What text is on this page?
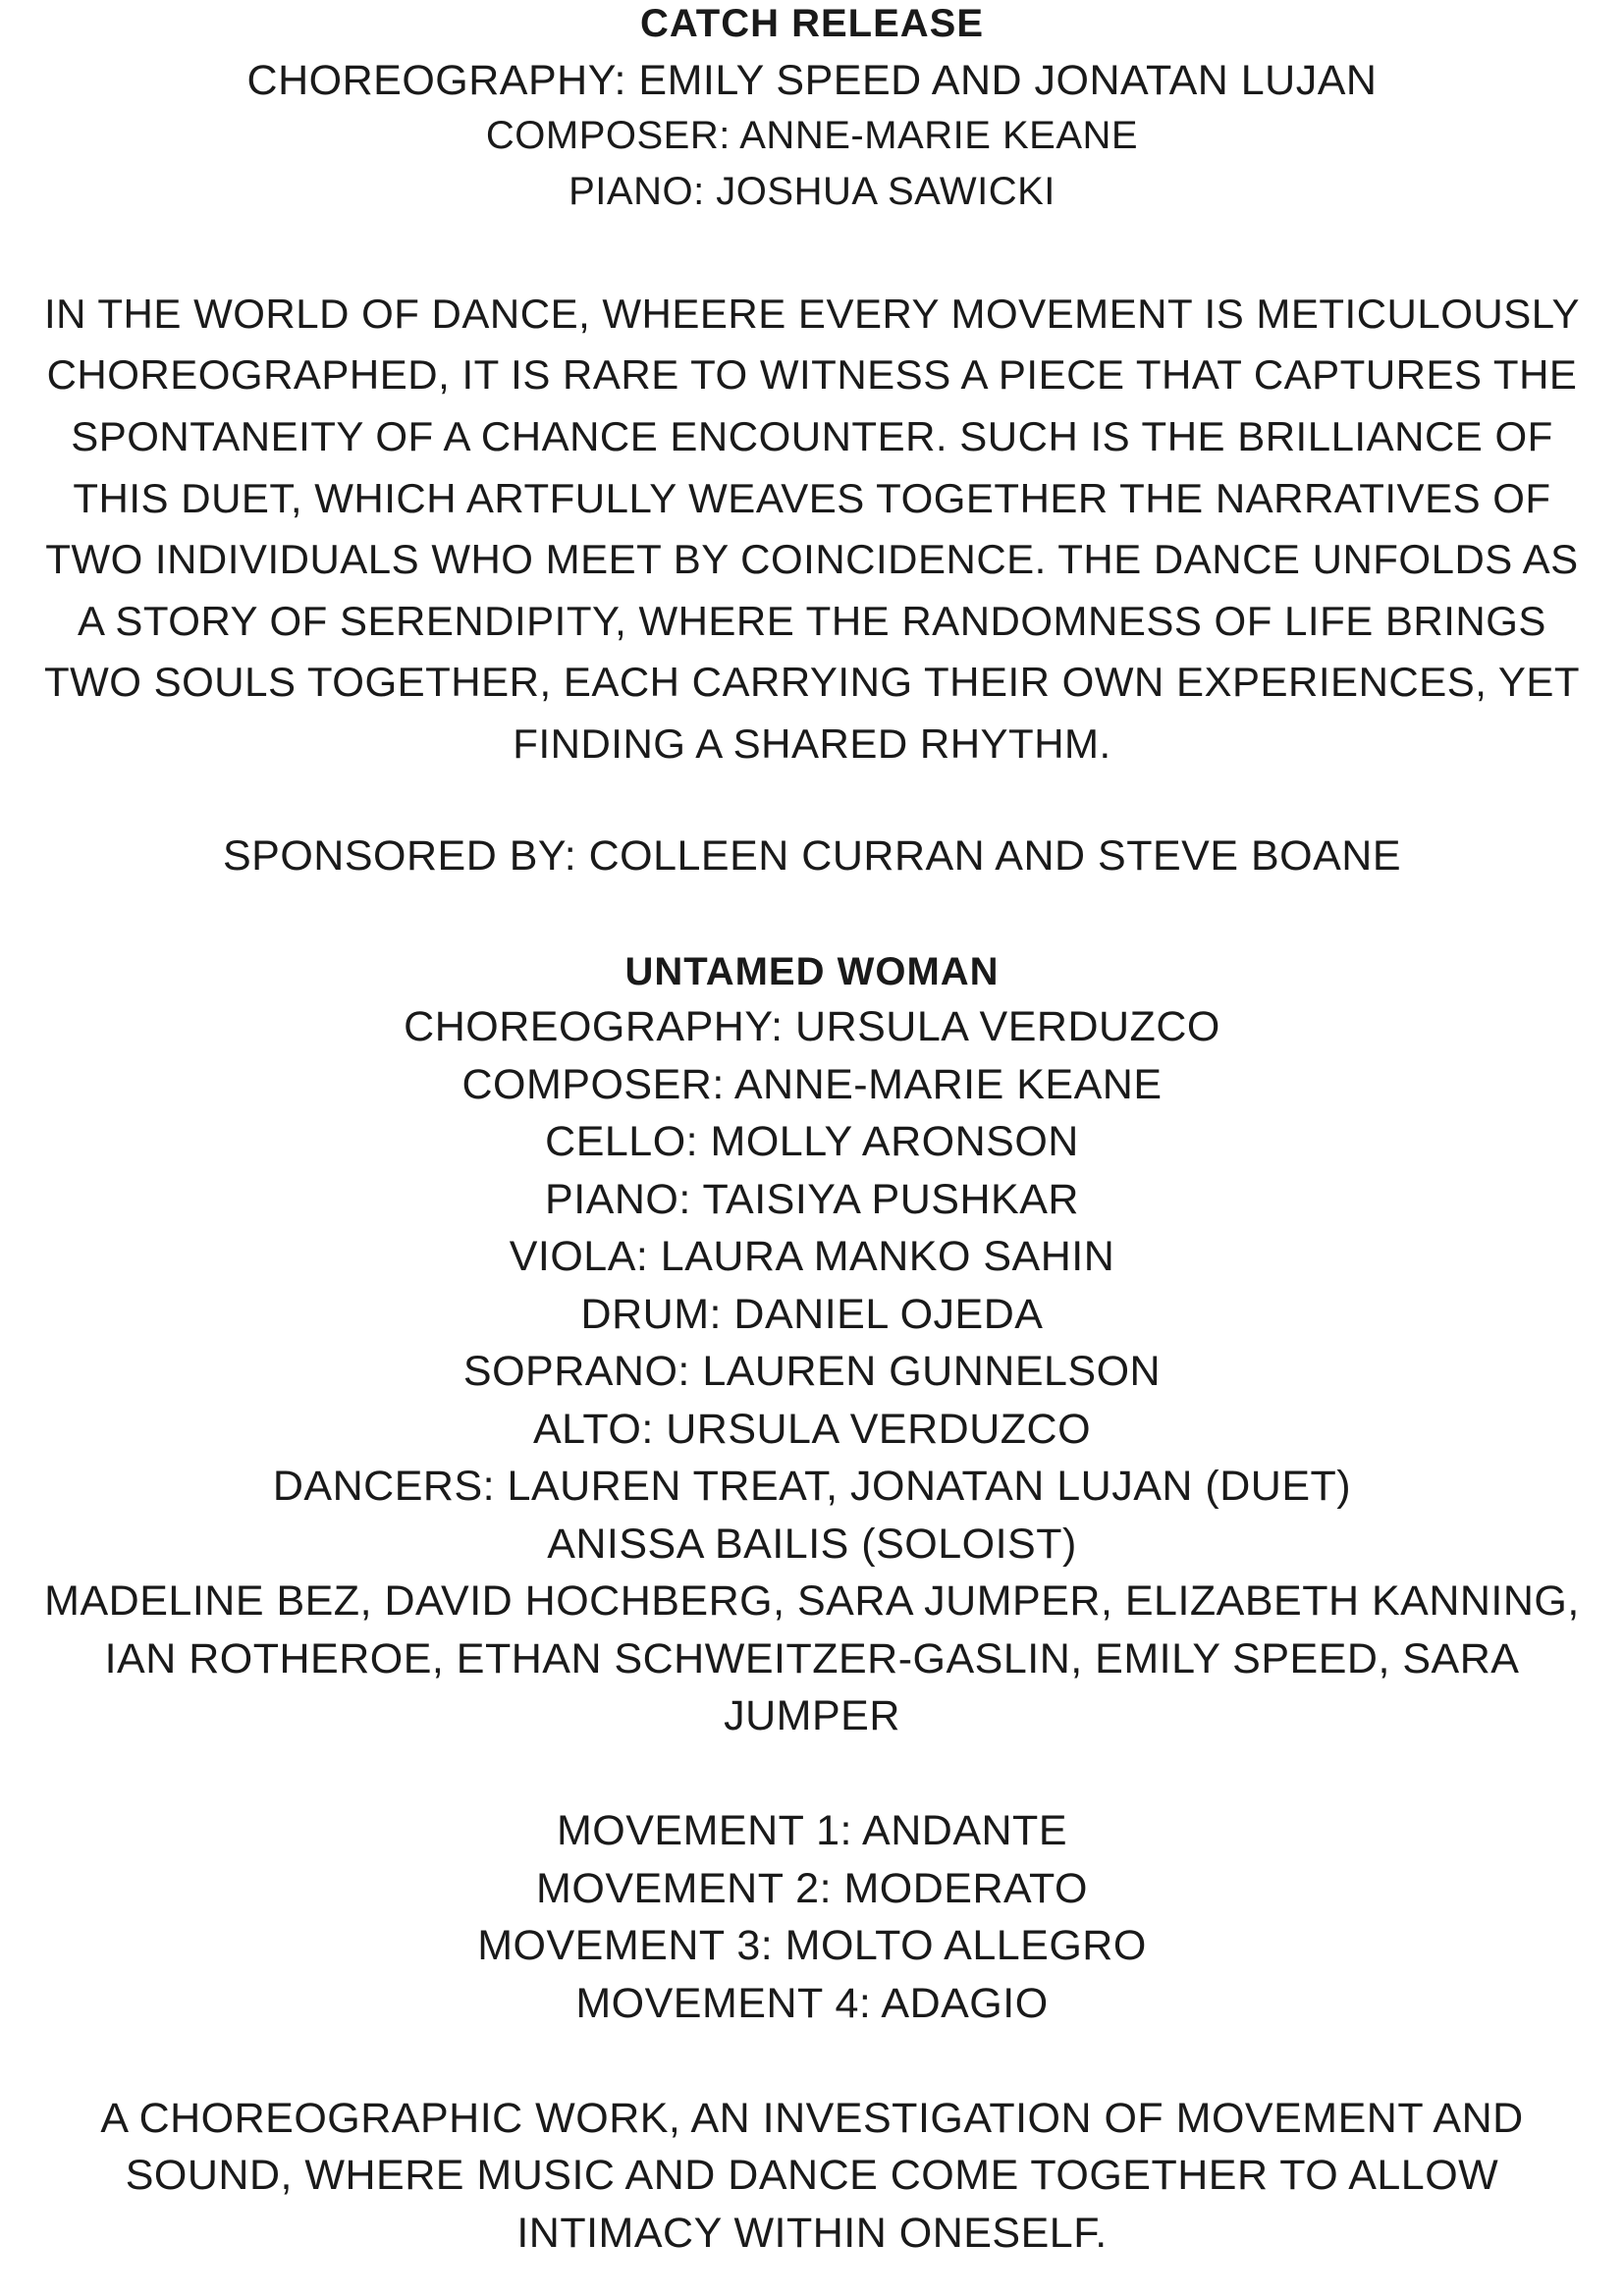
CATCH RELEASE
CHOREOGRAPHY: EMILY SPEED AND JONATAN LUJAN
COMPOSER: ANNE-MARIE KEANE
PIANO: JOSHUA SAWICKI
IN THE WORLD OF DANCE, WHEERE EVERY MOVEMENT IS METICULOUSLY
CHOREOGRAPHED, IT IS RARE TO WITNESS A PIECE THAT CAPTURES THE
SPONTANEITY OF A CHANCE ENCOUNTER. SUCH IS THE BRILLIANCE OF
THIS DUET, WHICH ARTFULLY WEAVES TOGETHER THE NARRATIVES OF
TWO INDIVIDUALS WHO MEET BY COINCIDENCE. THE DANCE UNFOLDS AS
A STORY OF SERENDIPITY, WHERE THE RANDOMNESS OF LIFE BRINGS
TWO SOULS TOGETHER, EACH CARRYING THEIR OWN EXPERIENCES, YET
FINDING A SHARED RHYTHM.
SPONSORED BY: COLLEEN CURRAN AND STEVE BOANE
UNTAMED WOMAN
CHOREOGRAPHY: URSULA VERDUZCO
COMPOSER: ANNE-MARIE KEANE
CELLO: MOLLY ARONSON
PIANO: TAISIYA PUSHKAR
VIOLA: LAURA MANKO SAHIN
DRUM: DANIEL OJEDA
SOPRANO: LAUREN GUNNELSON
ALTO: URSULA VERDUZCO
DANCERS: LAUREN TREAT, JONATAN LUJAN (DUET)
ANISSA BAILIS (SOLOIST)
MADELINE BEZ, DAVID HOCHBERG, SARA JUMPER, ELIZABETH KANNING,
IAN ROTHEROE, ETHAN SCHWEITZER-GASLIN, EMILY SPEED, SARA
JUMPER
MOVEMENT 1: ANDANTE
MOVEMENT 2: MODERATO
MOVEMENT 3: MOLTO ALLEGRO
MOVEMENT 4: ADAGIO
A CHOREOGRAPHIC WORK, AN INVESTIGATION OF MOVEMENT AND
SOUND, WHERE MUSIC AND DANCE COME TOGETHER TO ALLOW
INTIMACY WITHIN ONESELF.
